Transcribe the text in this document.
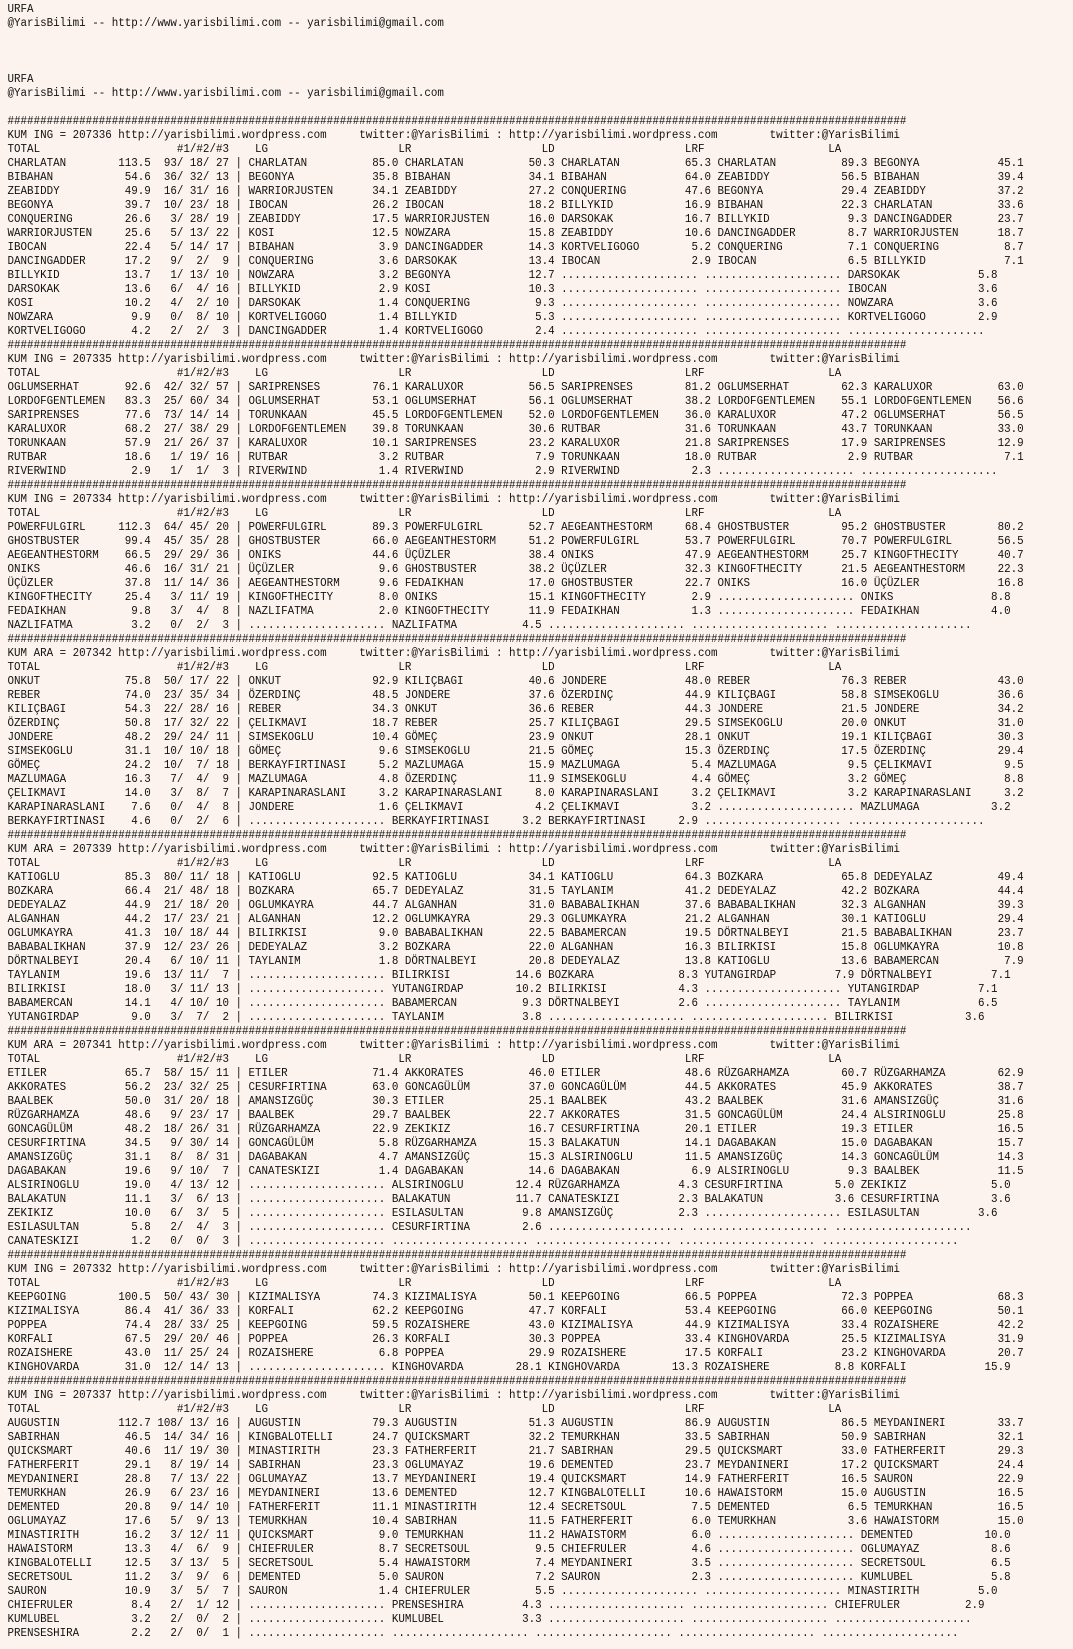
URFA
@YarisBilimi -- http://www.yarisbilimi.com -- yarisbilimi@gmail.com
URFA
@YarisBilimi -- http://www.yarisbilimi.com -- yarisbilimi@gmail.com
##########################################################################################################################################
KUM ING = 207336 http://yarisbilimi.wordpress.com     twitter:@YarisBilimi : http://yarisbilimi.wordpress.com        twitter:@YarisBilimi
TOTAL                     #1/#2/#3    LG                    LR                    LD                    LRF                   LA
CHARLATAN        113.5  93/ 18/ 27 | CHARLATAN          85.0 CHARLATAN          50.3 CHARLATAN          65.3 CHARLATAN          89.3 BEGONYA            45.1
BIBAHAN           54.6  36/ 32/ 13 | BEGONYA            35.8 BIBAHAN            34.1 BIBAHAN            64.0 ZEABIDDY           56.5 BIBAHAN            39.4
ZEABIDDY          49.9  16/ 31/ 16 | WARRIORJUSTEN      34.1 ZEABIDDY           27.2 CONQUERING         47.6 BEGONYA            29.4 ZEABIDDY           37.2
BEGONYA           39.7  10/ 23/ 18 | IBOCAN             26.2 IBOCAN             18.2 BILLYKID           16.9 BIBAHAN            22.3 CHARLATAN          33.6
CONQUERING        26.6   3/ 28/ 19 | ZEABIDDY           17.5 WARRIORJUSTEN      16.0 DARSOKAK           16.7 BILLYKID            9.3 DANCINGADDER       23.7
WARRIORJUSTEN     25.6   5/ 13/ 22 | KOSI               12.5 NOWZARA            15.8 ZEABIDDY           10.6 DANCINGADDER        8.7 WARRIORJUSTEN      18.7
IBOCAN            22.4   5/ 14/ 17 | BIBAHAN             3.9 DANCINGADDER       14.3 KORTVELIGOGO        5.2 CONQUERING          7.1 CONQUERING          8.7
DANCINGADDER      17.2   9/  2/  9 | CONQUERING          3.6 DARSOKAK           13.4 IBOCAN              2.9 IBOCAN              6.5 BILLYKID            7.1
BILLYKID          13.7   1/ 13/ 10 | NOWZARA             3.2 BEGONYA            12.7 ..................... ..................... DARSOKAK            5.8
DARSOKAK          13.6   6/  4/ 16 | BILLYKID            2.9 KOSI               10.3 ..................... ..................... IBOCAN              3.6
KOSI              10.2   4/  2/ 10 | DARSOKAK            1.4 CONQUERING          9.3 ..................... ..................... NOWZARA             3.6
NOWZARA            9.9   0/  8/ 10 | KORTVELIGOGO        1.4 BILLYKID            5.3 ..................... ..................... KORTVELIGOGO        2.9
KORTVELIGOGO       4.2   2/  2/  3 | DANCINGADDER        1.4 KORTVELIGOGO        2.4 ..................... ..................... .....................
##########################################################################################################################################
KUM ING = 207335 http://yarisbilimi.wordpress.com     twitter:@YarisBilimi : http://yarisbilimi.wordpress.com        twitter:@YarisBilimi
TOTAL                     #1/#2/#3    LG                    LR                    LD                    LRF                   LA
OGLUMSERHAT       92.6  42/ 32/ 57 | SARIPRENSES        76.1 KARALUXOR          56.5 SARIPRENSES        81.2 OGLUMSERHAT        62.3 KARALUXOR          63.0
LORDOFGENTLEMEN   83.3  25/ 60/ 34 | OGLUMSERHAT        53.1 OGLUMSERHAT        56.1 OGLUMSERHAT        38.2 LORDOFGENTLEMEN    55.1 LORDOFGENTLEMEN    56.6
SARIPRENSES       77.6  73/ 14/ 14 | TORUNKAAN          45.5 LORDOFGENTLEMEN    52.0 LORDOFGENTLEMEN    36.0 KARALUXOR          47.2 OGLUMSERHAT        56.5
KARALUXOR         68.2  27/ 38/ 29 | LORDOFGENTLEMEN    39.8 TORUNKAAN          30.6 RUTBAR             31.6 TORUNKAAN          43.7 TORUNKAAN          33.0
TORUNKAAN         57.9  21/ 26/ 37 | KARALUXOR          10.1 SARIPRENSES        23.2 KARALUXOR          21.8 SARIPRENSES        17.9 SARIPRENSES        12.9
RUTBAR            18.6   1/ 19/ 16 | RUTBAR              3.2 RUTBAR              7.9 TORUNKAAN          18.0 RUTBAR              2.9 RUTBAR              7.1
RIVERWIND          2.9   1/  1/  3 | RIVERWIND           1.4 RIVERWIND           2.9 RIVERWIND           2.3 ..................... .....................
##########################################################################################################################################
KUM ING = 207334 http://yarisbilimi.wordpress.com     twitter:@YarisBilimi : http://yarisbilimi.wordpress.com        twitter:@YarisBilimi
TOTAL                     #1/#2/#3    LG                    LR                    LD                    LRF                   LA
POWERFULGIRL     112.3  64/ 45/ 20 | POWERFULGIRL       89.3 POWERFULGIRL       52.7 AEGEANTHESTORM     68.4 GHOSTBUSTER        95.2 GHOSTBUSTER        80.2
GHOSTBUSTER       99.4  45/ 35/ 28 | GHOSTBUSTER        66.0 AEGEANTHESTORM     51.2 POWERFULGIRL       53.7 POWERFULGIRL       70.7 POWERFULGIRL       56.5
AEGEANTHESTORM    66.5  29/ 29/ 36 | ONIKS              44.6 ÜÇÜZLER            38.4 ONIKS              47.9 AEGEANTHESTORM     25.7 KINGOFTHECITY      40.7
ONIKS             46.6  16/ 31/ 21 | ÜÇÜZLER             9.6 GHOSTBUSTER        38.2 ÜÇÜZLER            32.3 KINGOFTHECITY      21.5 AEGEANTHESTORM     22.3
ÜÇÜZLER           37.8  11/ 14/ 36 | AEGEANTHESTORM      9.6 FEDAIKHAN          17.0 GHOSTBUSTER        22.7 ONIKS              16.0 ÜÇÜZLER            16.8
KINGOFTHECITY     25.4   3/ 11/ 19 | KINGOFTHECITY       8.0 ONIKS              15.1 KINGOFTHECITY       2.9 ..................... ONIKS               8.8
FEDAIKHAN          9.8   3/  4/  8 | NAZLIFATMA          2.0 KINGOFTHECITY      11.9 FEDAIKHAN           1.3 ..................... FEDAIKHAN           4.0
NAZLIFATMA         3.2   0/  2/  3 | ..................... NAZLIFATMA          4.5 ..................... ..................... .....................
##########################################################################################################################################
KUM ARA = 207342 http://yarisbilimi.wordpress.com     twitter:@YarisBilimi : http://yarisbilimi.wordpress.com        twitter:@YarisBilimi
TOTAL                     #1/#2/#3    LG                    LR                    LD                    LRF                   LA
ONKUT             75.8  50/ 17/ 22 | ONKUT              92.9 KILIÇBAGI          40.6 JONDERE            48.0 REBER              76.3 REBER              43.0
REBER             74.0  23/ 35/ 34 | ÖZERDINÇ           48.5 JONDERE            37.6 ÖZERDINÇ           44.9 KILIÇBAGI          58.8 SIMSEKOGLU         36.6
KILIÇBAGI         54.3  22/ 28/ 16 | REBER              34.3 ONKUT              36.6 REBER              44.3 JONDERE            21.5 JONDERE            34.2
ÖZERDINÇ          50.8  17/ 32/ 22 | ÇELIKMAVI          18.7 REBER              25.7 KILIÇBAGI          29.5 SIMSEKOGLU         20.0 ONKUT              31.0
JONDERE           48.2  29/ 24/ 11 | SIMSEKOGLU         10.4 GÖMEÇ              23.9 ONKUT              28.1 ONKUT              19.1 KILIÇBAGI          30.3
SIMSEKOGLU        31.1  10/ 10/ 18 | GÖMEÇ               9.6 SIMSEKOGLU         21.5 GÖMEÇ              15.3 ÖZERDINÇ           17.5 ÖZERDINÇ           29.4
GÖMEÇ             24.2  10/  7/ 18 | BERKAYFIRTINASI     5.2 MAZLUMAGA          15.9 MAZLUMAGA           5.4 MAZLUMAGA           9.5 ÇELIKMAVI           9.5
MAZLUMAGA         16.3   7/  4/  9 | MAZLUMAGA           4.8 ÖZERDINÇ           11.9 SIMSEKOGLU          4.4 GÖMEÇ               3.2 GÖMEÇ               8.8
ÇELIKMAVI         14.0   3/  8/  7 | KARAPINARASLANI     3.2 KARAPINARASLANI     8.0 KARAPINARASLANI     3.2 ÇELIKMAVI           3.2 KARAPINARASLANI     3.2
KARAPINARASLANI    7.6   0/  4/  8 | JONDERE             1.6 ÇELIKMAVI           4.2 ÇELIKMAVI           3.2 ..................... MAZLUMAGA           3.2
BERKAYFIRTINASI    4.6   0/  2/  6 | ..................... BERKAYFIRTINASI     3.2 BERKAYFIRTINASI     2.9 ..................... .....................
##########################################################################################################################################
KUM ARA = 207339 http://yarisbilimi.wordpress.com     twitter:@YarisBilimi : http://yarisbilimi.wordpress.com        twitter:@YarisBilimi
TOTAL                     #1/#2/#3    LG                    LR                    LD                    LRF                   LA
KATIOGLU          85.3  80/ 11/ 18 | KATIOGLU           92.5 KATIOGLU           34.1 KATIOGLU           64.3 BOZKARA            65.8 DEDEYALAZ          49.4
BOZKARA           66.4  21/ 48/ 18 | BOZKARA            65.7 DEDEYALAZ          31.5 TAYLANIM           41.2 DEDEYALAZ          42.2 BOZKARA            44.4
DEDEYALAZ         44.9  21/ 18/ 20 | OGLUMKAYRA         44.7 ALGANHAN           31.0 BABABALIKHAN       37.6 BABABALIKHAN       32.3 ALGANHAN           39.3
ALGANHAN          44.2  17/ 23/ 21 | ALGANHAN           12.2 OGLUMKAYRA         29.3 OGLUMKAYRA         21.2 ALGANHAN           30.1 KATIOGLU           29.4
OGLUMKAYRA        41.3  10/ 18/ 44 | BILIRKISI           9.0 BABABALIKHAN       22.5 BABAMERCAN         19.5 DÖRTNALBEYI        21.5 BABABALIKHAN       23.7
BABABALIKHAN      37.9  12/ 23/ 26 | DEDEYALAZ           3.2 BOZKARA            22.0 ALGANHAN           16.3 BILIRKISI          15.8 OGLUMKAYRA         10.8
DÖRTNALBEYI       20.4   6/ 10/ 11 | TAYLANIM            1.8 DÖRTNALBEYI        20.8 DEDEYALAZ          13.8 KATIOGLU           13.6 BABAMERCAN          7.9
TAYLANIM          19.6  13/ 11/  7 | ..................... BILIRKISI          14.6 BOZKARA             8.3 YUTANGIRDAP         7.9 DÖRTNALBEYI         7.1
BILIRKISI         18.0   3/ 11/ 13 | ..................... YUTANGIRDAP        10.2 BILIRKISI           4.3 ..................... YUTANGIRDAP         7.1
BABAMERCAN        14.1   4/ 10/ 10 | ..................... BABAMERCAN          9.3 DÖRTNALBEYI         2.6 ..................... TAYLANIM            6.5
YUTANGIRDAP        9.0   3/  7/  2 | ..................... TAYLANIM            3.8 ..................... ..................... BILIRKISI           3.6
##########################################################################################################################################
KUM ARA = 207341 http://yarisbilimi.wordpress.com     twitter:@YarisBilimi : http://yarisbilimi.wordpress.com        twitter:@YarisBilimi
TOTAL                     #1/#2/#3    LG                    LR                    LD                    LRF                   LA
ETILER            65.7  58/ 15/ 11 | ETILER             71.4 AKKORATES          46.0 ETILER             48.6 RÜZGARHAMZA        60.7 RÜZGARHAMZA        62.9
AKKORATES         56.2  23/ 32/ 25 | CESURFIRTINA       63.0 GONCAGÜLÜM         37.0 GONCAGÜLÜM         44.5 AKKORATES          45.9 AKKORATES          38.7
BAALBEK           50.0  31/ 20/ 18 | AMANSIZGÜÇ         30.3 ETILER             25.1 BAALBEK            43.2 BAALBEK            31.6 AMANSIZGÜÇ         31.6
RÜZGARHAMZA       48.6   9/ 23/ 17 | BAALBEK            29.7 BAALBEK            22.7 AKKORATES          31.5 GONCAGÜLÜM         24.4 ALSIRINOGLU        25.8
GONCAGÜLÜM        48.2  18/ 26/ 31 | RÜZGARHAMZA        22.9 ZEKIKIZ            16.7 CESURFIRTINA       20.1 ETILER             19.3 ETILER             16.5
CESURFIRTINA      34.5   9/ 30/ 14 | GONCAGÜLÜM          5.8 RÜZGARHAMZA        15.3 BALAKATUN          14.1 DAGABAKAN          15.0 DAGABAKAN          15.7
AMANSIZGÜÇ        31.1   8/  8/ 31 | DAGABAKAN           4.7 AMANSIZGÜÇ         15.3 ALSIRINOGLU        11.5 AMANSIZGÜÇ         14.3 GONCAGÜLÜM         14.3
DAGABAKAN         19.6   9/ 10/  7 | CANATESKIZI         1.4 DAGABAKAN          14.6 DAGABAKAN           6.9 ALSIRINOGLU         9.3 BAALBEK            11.5
ALSIRINOGLU       19.0   4/ 13/ 12 | ..................... ALSIRINOGLU        12.4 RÜZGARHAMZA         4.3 CESURFIRTINA        5.0 ZEKIKIZ             5.0
BALAKATUN         11.1   3/  6/ 13 | ..................... BALAKATUN          11.7 CANATESKIZI         2.3 BALAKATUN           3.6 CESURFIRTINA        3.6
ZEKIKIZ           10.0   6/  3/  5 | ..................... ESILASULTAN         9.8 AMANSIZGÜÇ          2.3 ..................... ESILASULTAN         3.6
ESILASULTAN        5.8   2/  4/  3 | ..................... CESURFIRTINA        2.6 ..................... ..................... .....................
CANATESKIZI        1.2   0/  0/  3 | ..................... ..................... ..................... ..................... .....................
##########################################################################################################################################
KUM ING = 207332 http://yarisbilimi.wordpress.com     twitter:@YarisBilimi : http://yarisbilimi.wordpress.com        twitter:@YarisBilimi
TOTAL                     #1/#2/#3    LG                    LR                    LD                    LRF                   LA
KEEPGOING        100.5  50/ 43/ 30 | KIZIMALISYA        74.3 KIZIMALISYA        50.1 KEEPGOING          66.5 POPPEA             72.3 POPPEA             68.3
KIZIMALISYA       86.4  41/ 36/ 33 | KORFALI            62.2 KEEPGOING          47.7 KORFALI            53.4 KEEPGOING          66.0 KEEPGOING          50.1
POPPEA            74.4  28/ 33/ 25 | KEEPGOING          59.5 ROZAISHERE         43.0 KIZIMALISYA        44.9 KIZIMALISYA        33.4 ROZAISHERE         42.2
KORFALI           67.5  29/ 20/ 46 | POPPEA             26.3 KORFALI            30.3 POPPEA             33.4 KINGHOVARDA        25.5 KIZIMALISYA        31.9
ROZAISHERE        43.0  11/ 25/ 24 | ROZAISHERE          6.8 POPPEA             29.9 ROZAISHERE         17.5 KORFALI            23.2 KINGHOVARDA        20.7
KINGHOVARDA       31.0  12/ 14/ 13 | ..................... KINGHOVARDA        28.1 KINGHOVARDA        13.3 ROZAISHERE          8.8 KORFALI            15.9
##########################################################################################################################################
KUM ING = 207337 http://yarisbilimi.wordpress.com     twitter:@YarisBilimi : http://yarisbilimi.wordpress.com        twitter:@YarisBilimi
TOTAL                     #1/#2/#3    LG                    LR                    LD                    LRF                   LA
AUGUSTIN         112.7 108/ 13/ 16 | AUGUSTIN           79.3 AUGUSTIN           51.3 AUGUSTIN           86.9 AUGUSTIN           86.5 MEYDANINERI        33.7
SABIRHAN          46.5  14/ 34/ 16 | KINGBALOTELLI      24.7 QUICKSMART         32.2 TEMURKHAN          33.5 SABIRHAN           50.9 SABIRHAN           32.1
QUICKSMART        40.6  11/ 19/ 30 | MINASTIRITH        23.3 FATHERFERIT        21.7 SABIRHAN           29.5 QUICKSMART         33.0 FATHERFERIT        29.3
FATHERFERIT       29.1   8/ 19/ 14 | SABIRHAN           23.3 OGLUMAYAZ          19.6 DEMENTED           23.7 MEYDANINERI        17.2 QUICKSMART         24.4
MEYDANINERI       28.8   7/ 13/ 22 | OGLUMAYAZ          13.7 MEYDANINERI        19.4 QUICKSMART         14.9 FATHERFERIT        16.5 SAURON             22.9
TEMURKHAN         26.9   6/ 23/ 16 | MEYDANINERI        13.6 DEMENTED           12.7 KINGBALOTELLI      10.6 HAWAISTORM         15.0 AUGUSTIN           16.5
DEMENTED          20.8   9/ 14/ 10 | FATHERFERIT        11.1 MINASTIRITH        12.4 SECRETSOUL          7.5 DEMENTED            6.5 TEMURKHAN          16.5
OGLUMAYAZ         17.6   5/  9/ 13 | TEMURKHAN          10.4 SABIRHAN           11.5 FATHERFERIT         6.0 TEMURKHAN           3.6 HAWAISTORM         15.0
MINASTIRITH       16.2   3/ 12/ 11 | QUICKSMART          9.0 TEMURKHAN          11.2 HAWAISTORM          6.0 ..................... DEMENTED           10.0
HAWAISTORM        13.3   4/  6/  9 | CHIEFRULER          8.7 SECRETSOUL          9.5 CHIEFRULER          4.6 ..................... OGLUMAYAZ           8.6
KINGBALOTELLI     12.5   3/ 13/  5 | SECRETSOUL          5.4 HAWAISTORM          7.4 MEYDANINERI         3.5 ..................... SECRETSOUL          6.5
SECRETSOUL        11.2   3/  9/  6 | DEMENTED            5.0 SAURON              7.2 SAURON              2.3 ..................... KUMLUBEL            5.8
SAURON            10.9   3/  5/  7 | SAURON              1.4 CHIEFRULER          5.5 ..................... ..................... MINASTIRITH         5.0
CHIEFRULER         8.4   2/  1/ 12 | ..................... PRENSESHIRA         4.3 ..................... ..................... CHIEFRULER          2.9
KUMLUBEL           3.2   2/  0/  2 | ..................... KUMLUBEL            3.3 ..................... ..................... .....................
PRENSESHIRA        2.2   2/  0/  1 | ..................... ..................... ..................... ..................... .....................
